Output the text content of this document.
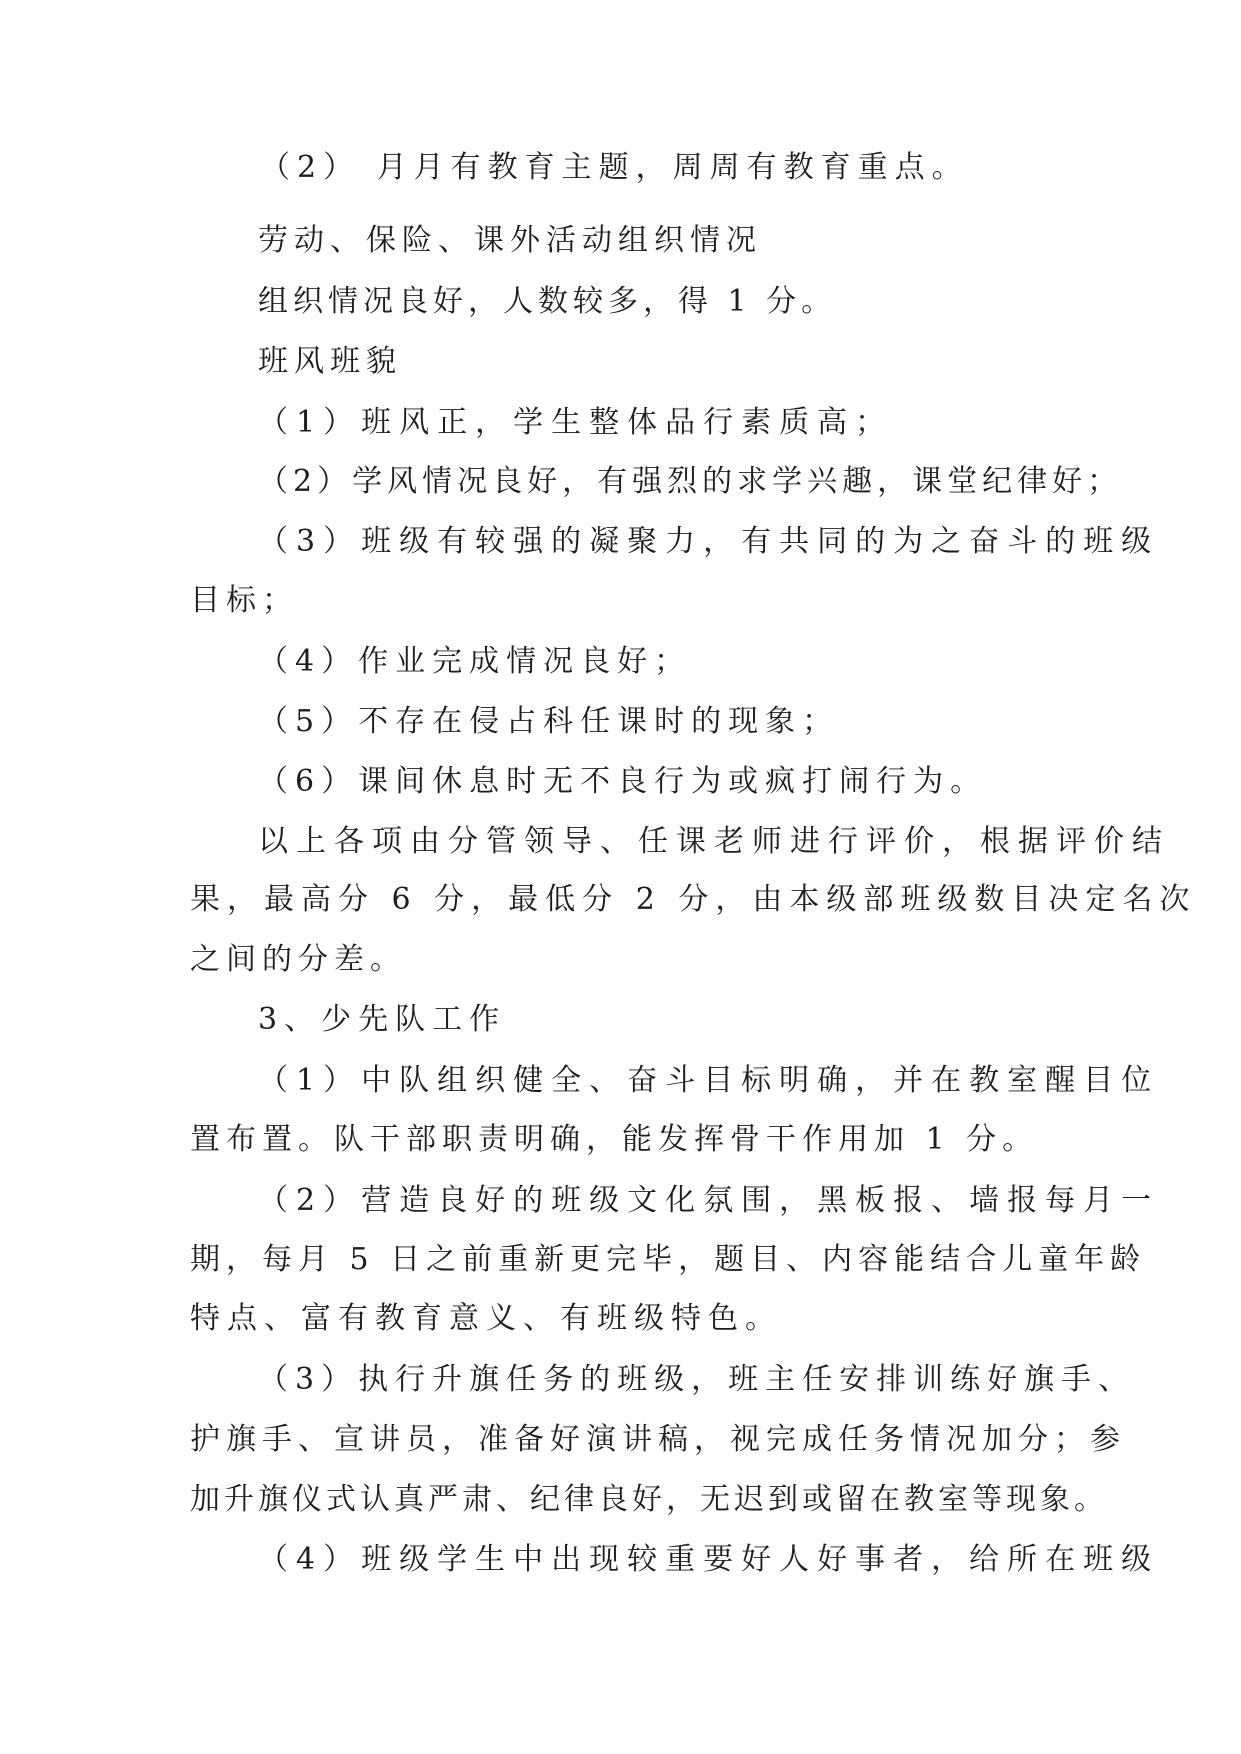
（2） 月月有教育主题，周周有教育重点。
劳动、保险、课外活动组织情况
组织情况良好，人数较多，得 1 分。
班风班貌
（1）班风正，学生整体品行素质高；
（2）学风情况良好，有强烈的求学兴趣，课堂纪律好；
（3）班级有较强的凝聚力，有共同的为之奋斗的班级
目标；
（4）作业完成情况良好；
（5）不存在侵占科任课时的现象；
（6）课间休息时无不良行为或疯打闹行为。
以上各项由分管领导、任课老师进行评价，根据评价结
果，最高分 6 分，最低分 2 分，由本级部班级数目决定名次
之间的分差。
3、少先队工作
（1）中队组织健全、奋斗目标明确，并在教室醒目位
置布置。队干部职责明确，能发挥骨干作用加 1 分。
（2）营造良好的班级文化氛围，黑板报、墙报每月一
期，每月 5 日之前重新更完毕，题目、内容能结合儿童年龄
特点、富有教育意义、有班级特色。
（3）执行升旗任务的班级，班主任安排训练好旗手、
护旗手、宣讲员，准备好演讲稿，视完成任务情况加分；参
加升旗仪式认真严肃、纪律良好，无迟到或留在教室等现象。
（4）班级学生中出现较重要好人好事者，给所在班级
